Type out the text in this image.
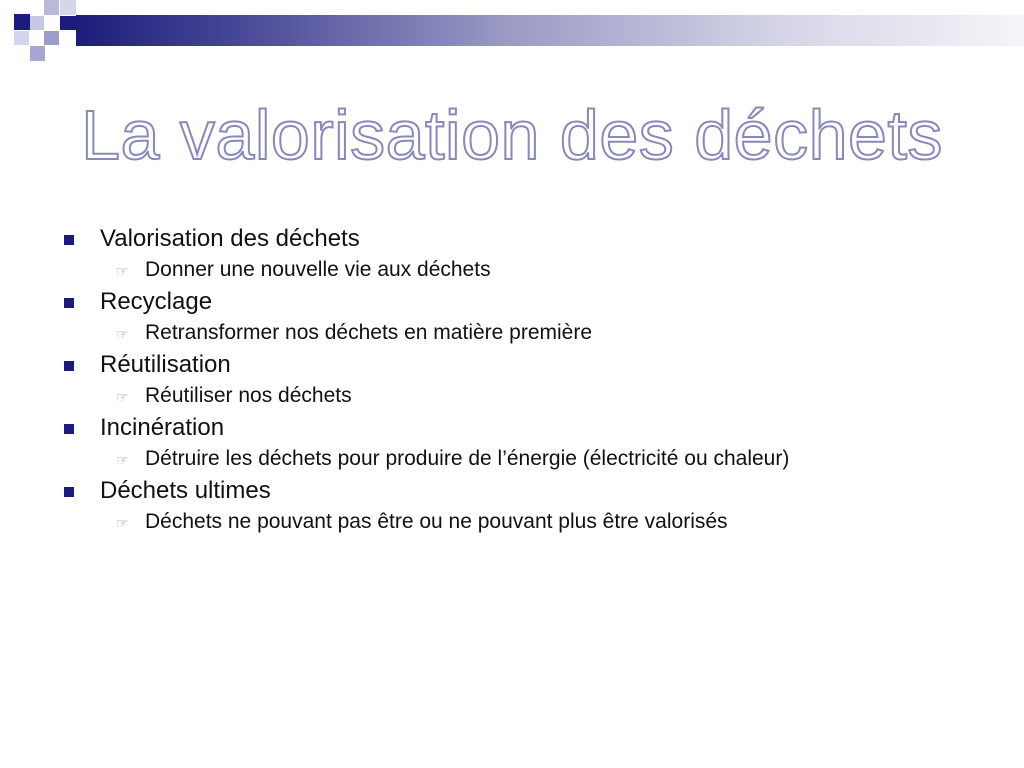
La valorisation des déchets
Valorisation des déchets
☞ Donner une nouvelle vie aux déchets
Recyclage
☞ Retransformer nos déchets en matière première
Réutilisation
☞ Réutiliser nos déchets
Incinération
☞ Détruire les déchets pour produire de l’énergie (électricité ou chaleur)
Déchets ultimes
☞ Déchets ne pouvant pas être ou ne pouvant plus être valorisés
